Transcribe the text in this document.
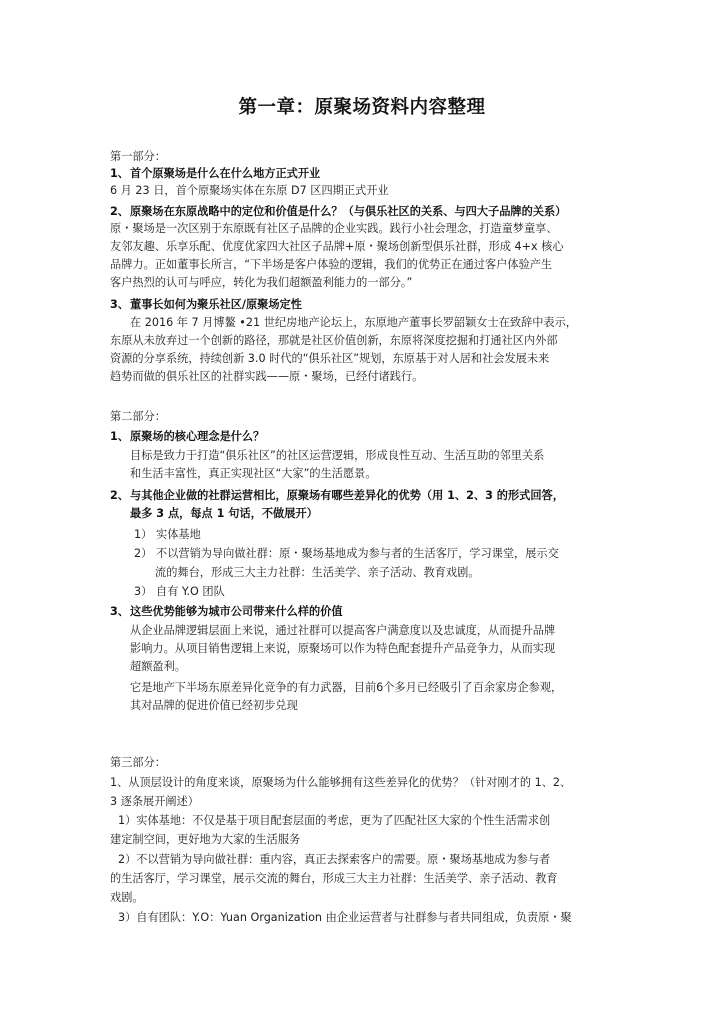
第一章：原聚场资料内容整理
第一部分：
1、首个原聚场是什么在什么地方正式开业
6 月 23 日，首个原聚场实体在东原 D7 区四期正式开业
2、原聚场在东原战略中的定位和价值是什么？（与俱乐社区的关系、与四大子品牌的关系）
原・聚场是一次区别于东原既有社区子品牌的企业实践。践行小社会理念，打造童梦童享、
友邻友趣、乐享乐配、优度优家四大社区子品牌+原・聚场创新型俱乐社群，形成 4+x 核心
品牌力。正如董事长所言，“下半场是客户体验的逻辑，我们的优势正在通过客户体验产生
客户热烈的认可与呼应，转化为我们超额盈利能力的一部分。”
3、董事长如何为聚乐社区/原聚场定性
在 2016 年 7 月博鳌 •21 世纪房地产论坛上，东原地产董事长罗韶颖女士在致辞中表示，
东原从未放弃过一个创新的路径，那就是社区价值创新，东原将深度挖掘和打通社区内外部
资源的分享系统，持续创新 3.0 时代的“俱乐社区”规划，东原基于对人居和社会发展未来
趋势而做的俱乐社区的社群实践——原・聚场，已经付诸践行。
第二部分：
1、原聚场的核心理念是什么？
目标是致力于打造“俱乐社区”的社区运营逻辑，形成良性互动、生活互助的邻里关系
和生活丰富性，真正实现社区“大家”的生活愿景。
2、与其他企业做的社群运营相比，原聚场有哪些差异化的优势（用 1、2、3 的形式回答，
最多 3 点，每点 1 句话，不做展开）
1） 实体基地
2） 不以营销为导向做社群：原・聚场基地成为参与者的生活客厅，学习课堂，展示交
流的舞台，形成三大主力社群：生活美学、亲子活动、教育戏剧。
3） 自有 Y.O 团队
3、这些优势能够为城市公司带来什么样的价值
从企业品牌逻辑层面上来说，通过社群可以提高客户满意度以及忠诚度，从而提升品牌
影响力。从项目销售逻辑上来说，原聚场可以作为特色配套提升产品竞争力，从而实现
超额盈利。
它是地产下半场东原差异化竞争的有力武器，目前6个多月已经吸引了百余家房企参观，
其对品牌的促进价值已经初步兑现
第三部分：
1、从顶层设计的角度来谈，原聚场为什么能够拥有这些差异化的优势？（针对刚才的 1、2、
3 逐条展开阐述）
1）实体基地：不仅是基于项目配套层面的考虑，更为了匹配社区大家的个性生活需求创
建定制空间，更好地为大家的生活服务
2）不以营销为导向做社群：重内容，真正去探索客户的需要。原・聚场基地成为参与者
的生活客厅，学习课堂，展示交流的舞台，形成三大主力社群：生活美学、亲子活动、教育
戏剧。
3）自有团队：Y.O：Yuan Organization 由企业运营者与社群参与者共同组成，负责原・聚
